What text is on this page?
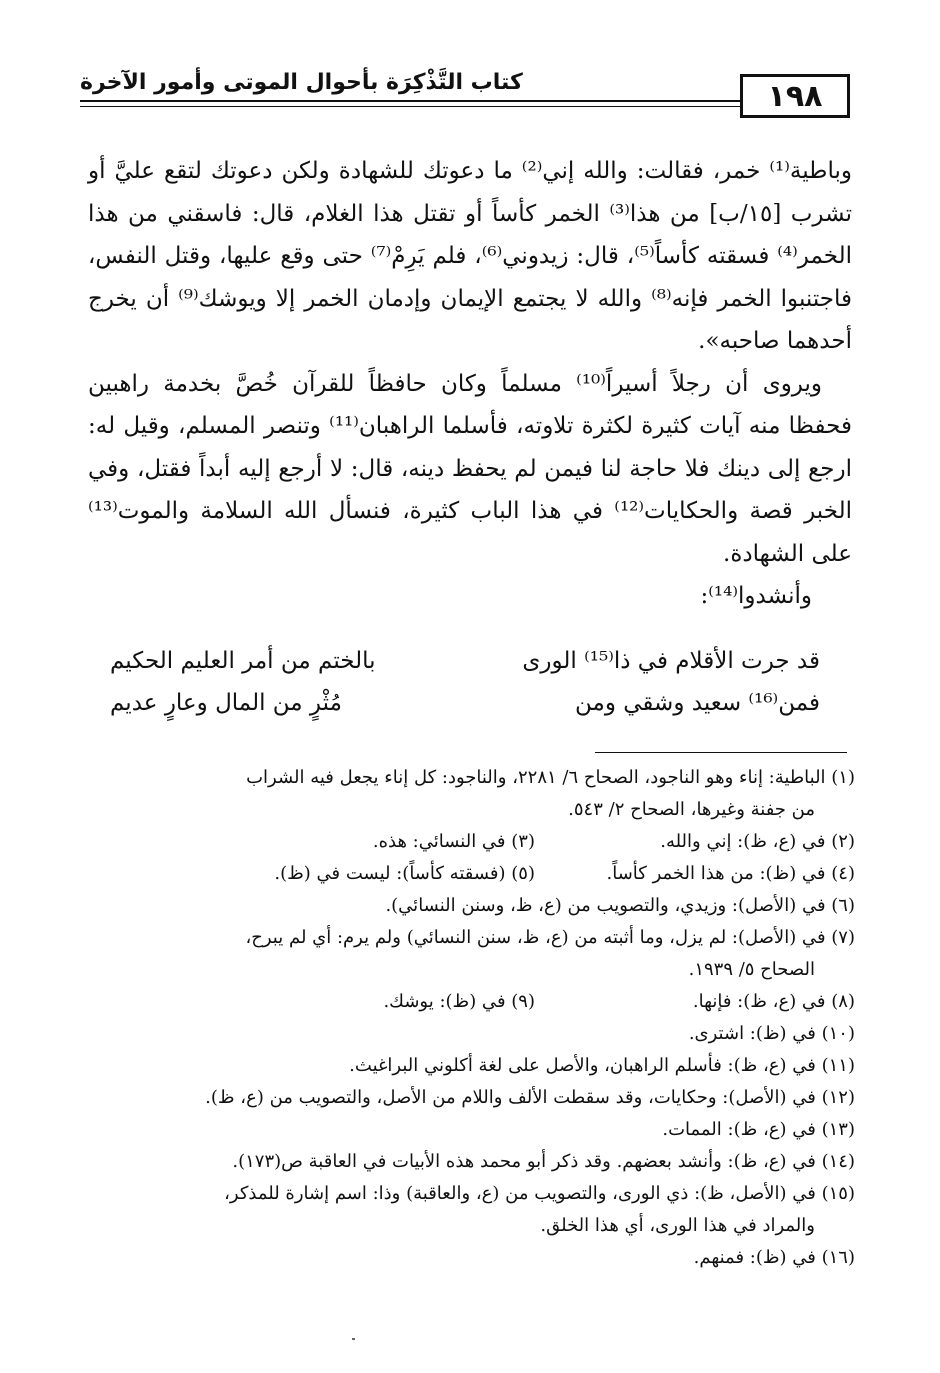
١٩٨
كتاب التَّذْكِرَة بأحوال الموتى وأمور الآخرة

وباطية⁽¹⁾ خمر، فقالت: والله إني⁽²⁾ ما دعوتك للشهادة ولكن دعوتك لتقع عليَّ أو تشرب [١٥/ب] من هذا⁽³⁾ الخمر كأساً أو تقتل هذا الغلام، قال: فاسقني من هذا الخمر⁽⁴⁾ فسقته كأساً⁽⁵⁾، قال: زيدوني⁽⁶⁾، فلم يَرِمْ⁽⁷⁾ حتى وقع عليها، وقتل النفس، فاجتنبوا الخمر فإنه⁽⁸⁾ والله لا يجتمع الإيمان وإدمان الخمر إلا ويوشك⁽⁹⁾ أن يخرج أحدهما صاحبه».

ويروى أن رجلاً أسيراً⁽¹⁰⁾ مسلماً وكان حافظاً للقرآن خُصَّ بخدمة راهبين فحفظا منه آيات كثيرة لكثرة تلاوته، فأسلما الراهبان⁽¹¹⁾ وتنصر المسلم، وقيل له: ارجع إلى دينك فلا حاجة لنا فيمن لم يحفظ دينه، قال: لا أرجع إليه أبداً فقتل، وفي الخبر قصة والحكايات⁽¹²⁾ في هذا الباب كثيرة، فنسأل الله السلامة والموت⁽¹³⁾ على الشهادة.

وأنشدوا⁽¹⁴⁾:

قد جرت الأقلام في ذا⁽¹⁵⁾ الورى
بالختم من أمر العليم الحكيم
فمن⁽¹⁶⁾ سعيد وشقي ومن
مُثْرٍ من المال وعارٍ عديم
(١) الباطية: إناء وهو الناجود، الصحاح ٦/ ٢٢٨١، والناجود: كل إناء يجعل فيه الشراب
من جفنة وغيرها، الصحاح ٢/ ٥٤٣.
(٢) في (ع، ظ): إني والله.
(٣) في النسائي: هذه.
(٤) في (ظ): من هذا الخمر كأساً.
(٥) (فسقته كأساً): ليست في (ظ).
(٦) في (الأصل): وزيدي، والتصويب من (ع، ظ، وسنن النسائي).
(٧) في (الأصل): لم يزل، وما أثبته من (ع، ظ، سنن النسائي) ولم يرم: أي لم يبرح،
الصحاح ٥/ ١٩٣٩.
(٨) في (ع، ظ): فإنها.
(٩) في (ظ): يوشك.
(١٠) في (ظ): اشترى.
(١١) في (ع، ظ): فأسلم الراهبان، والأصل على لغة أكلوني البراغيث.
(١٢) في (الأصل): وحكايات، وقد سقطت الألف واللام من الأصل، والتصويب من (ع، ظ).
(١٣) في (ع، ظ): الممات.
(١٤) في (ع، ظ): وأنشد بعضهم. وقد ذكر أبو محمد هذه الأبيات في العاقبة ص(١٧٣).
(١٥) في (الأصل، ظ): ذي الورى، والتصويب من (ع، والعاقبة) وذا: اسم إشارة للمذكر،
والمراد في هذا الورى، أي هذا الخلق.
(١٦) في (ظ): فمنهم.
